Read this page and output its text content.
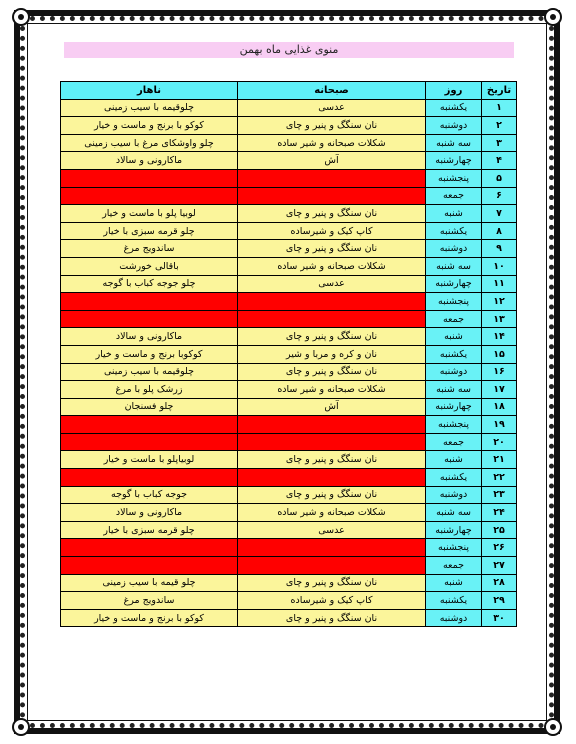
منوی غذایی ماه بهمن
تاریخ	روز	صبحانه	ناهار
۱	یکشنبه	عدسی	چلوقیمه با سیب زمینی
۲	دوشنبه	نان سنگگ و پنیر و چای	کوکو با برنج و ماست و خیار
۳	سه شنبه	شکلات صبحانه و شیر ساده	چلو واوشکای مرغ با سیب زمینی
۴	چهارشنبه	آش	ماکارونی و سالاد
۵	پنجشنبه		
۶	جمعه		
۷	شنبه	نان سنگگ و پنیر و چای	لوبیا پلو با ماست و خیار
۸	یکشنبه	کاپ کیک و شیرساده	چلو قرمه سبزی با خیار
۹	دوشنبه	نان سنگگ و پنیر و چای	ساندویج مرغ
۱۰	سه شنبه	شکلات صبحانه و شیر ساده	باقالی خورشت
۱۱	چهارشنبه	عدسی	چلو جوجه کباب با گوجه
۱۲	پنجشنبه		
۱۳	جمعه		
۱۴	شنبه	نان سنگگ و پنیر و چای	ماکارونی و سالاد
۱۵	یکشنبه	نان و کره و مربا و شیر	کوکوبا برنج و ماست و خیار
۱۶	دوشنبه	نان سنگگ و پنیر و چای	چلوقیمه با سیب زمینی
۱۷	سه شنبه	شکلات صبحانه و شیر ساده	زرشک پلو با مرغ
۱۸	چهارشنبه	آش	چلو فسنجان
۱۹	پنجشنبه		
۲۰	جمعه		
۲۱	شنبه	نان سنگگ و پنیر و چای	لوبیاپلو با ماست و خیار
۲۲	یکشنبه		
۲۳	دوشنبه	نان سنگگ و پنیر و چای	جوجه کباب با گوجه
۲۴	سه شنبه	شکلات صبحانه و شیر ساده	ماکارونی و سالاد
۲۵	چهارشنبه	عدسی	چلو قرمه سبزی با خیار
۲۶	پنجشنبه		
۲۷	جمعه		
۲۸	شنبه	نان سنگگ و پنیر و چای	چلو قیمه با سیب زمینی
۲۹	یکشنبه	کاپ کیک و شیرساده	ساندویج مرغ
۳۰	دوشنبه	نان سنگگ و پنیر و چای	کوکو با برنج و ماست و خیار
